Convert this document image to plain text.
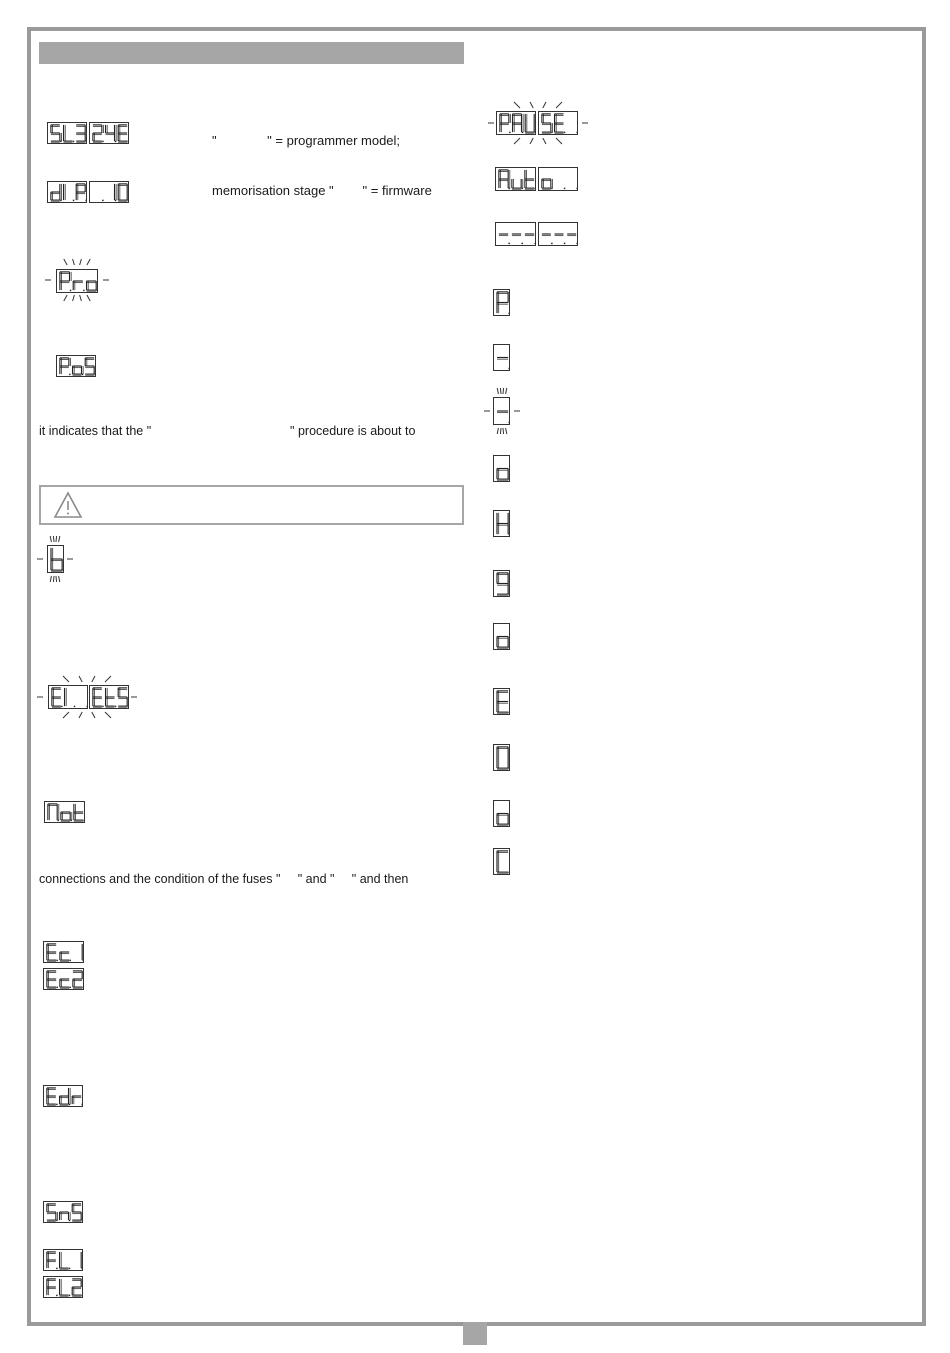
"              " = programmer model;
memorisation stage "        " = firmware
it indicates that the "                                        " procedure is about to
connections and the condition of the fuses "     " and "     " and then
